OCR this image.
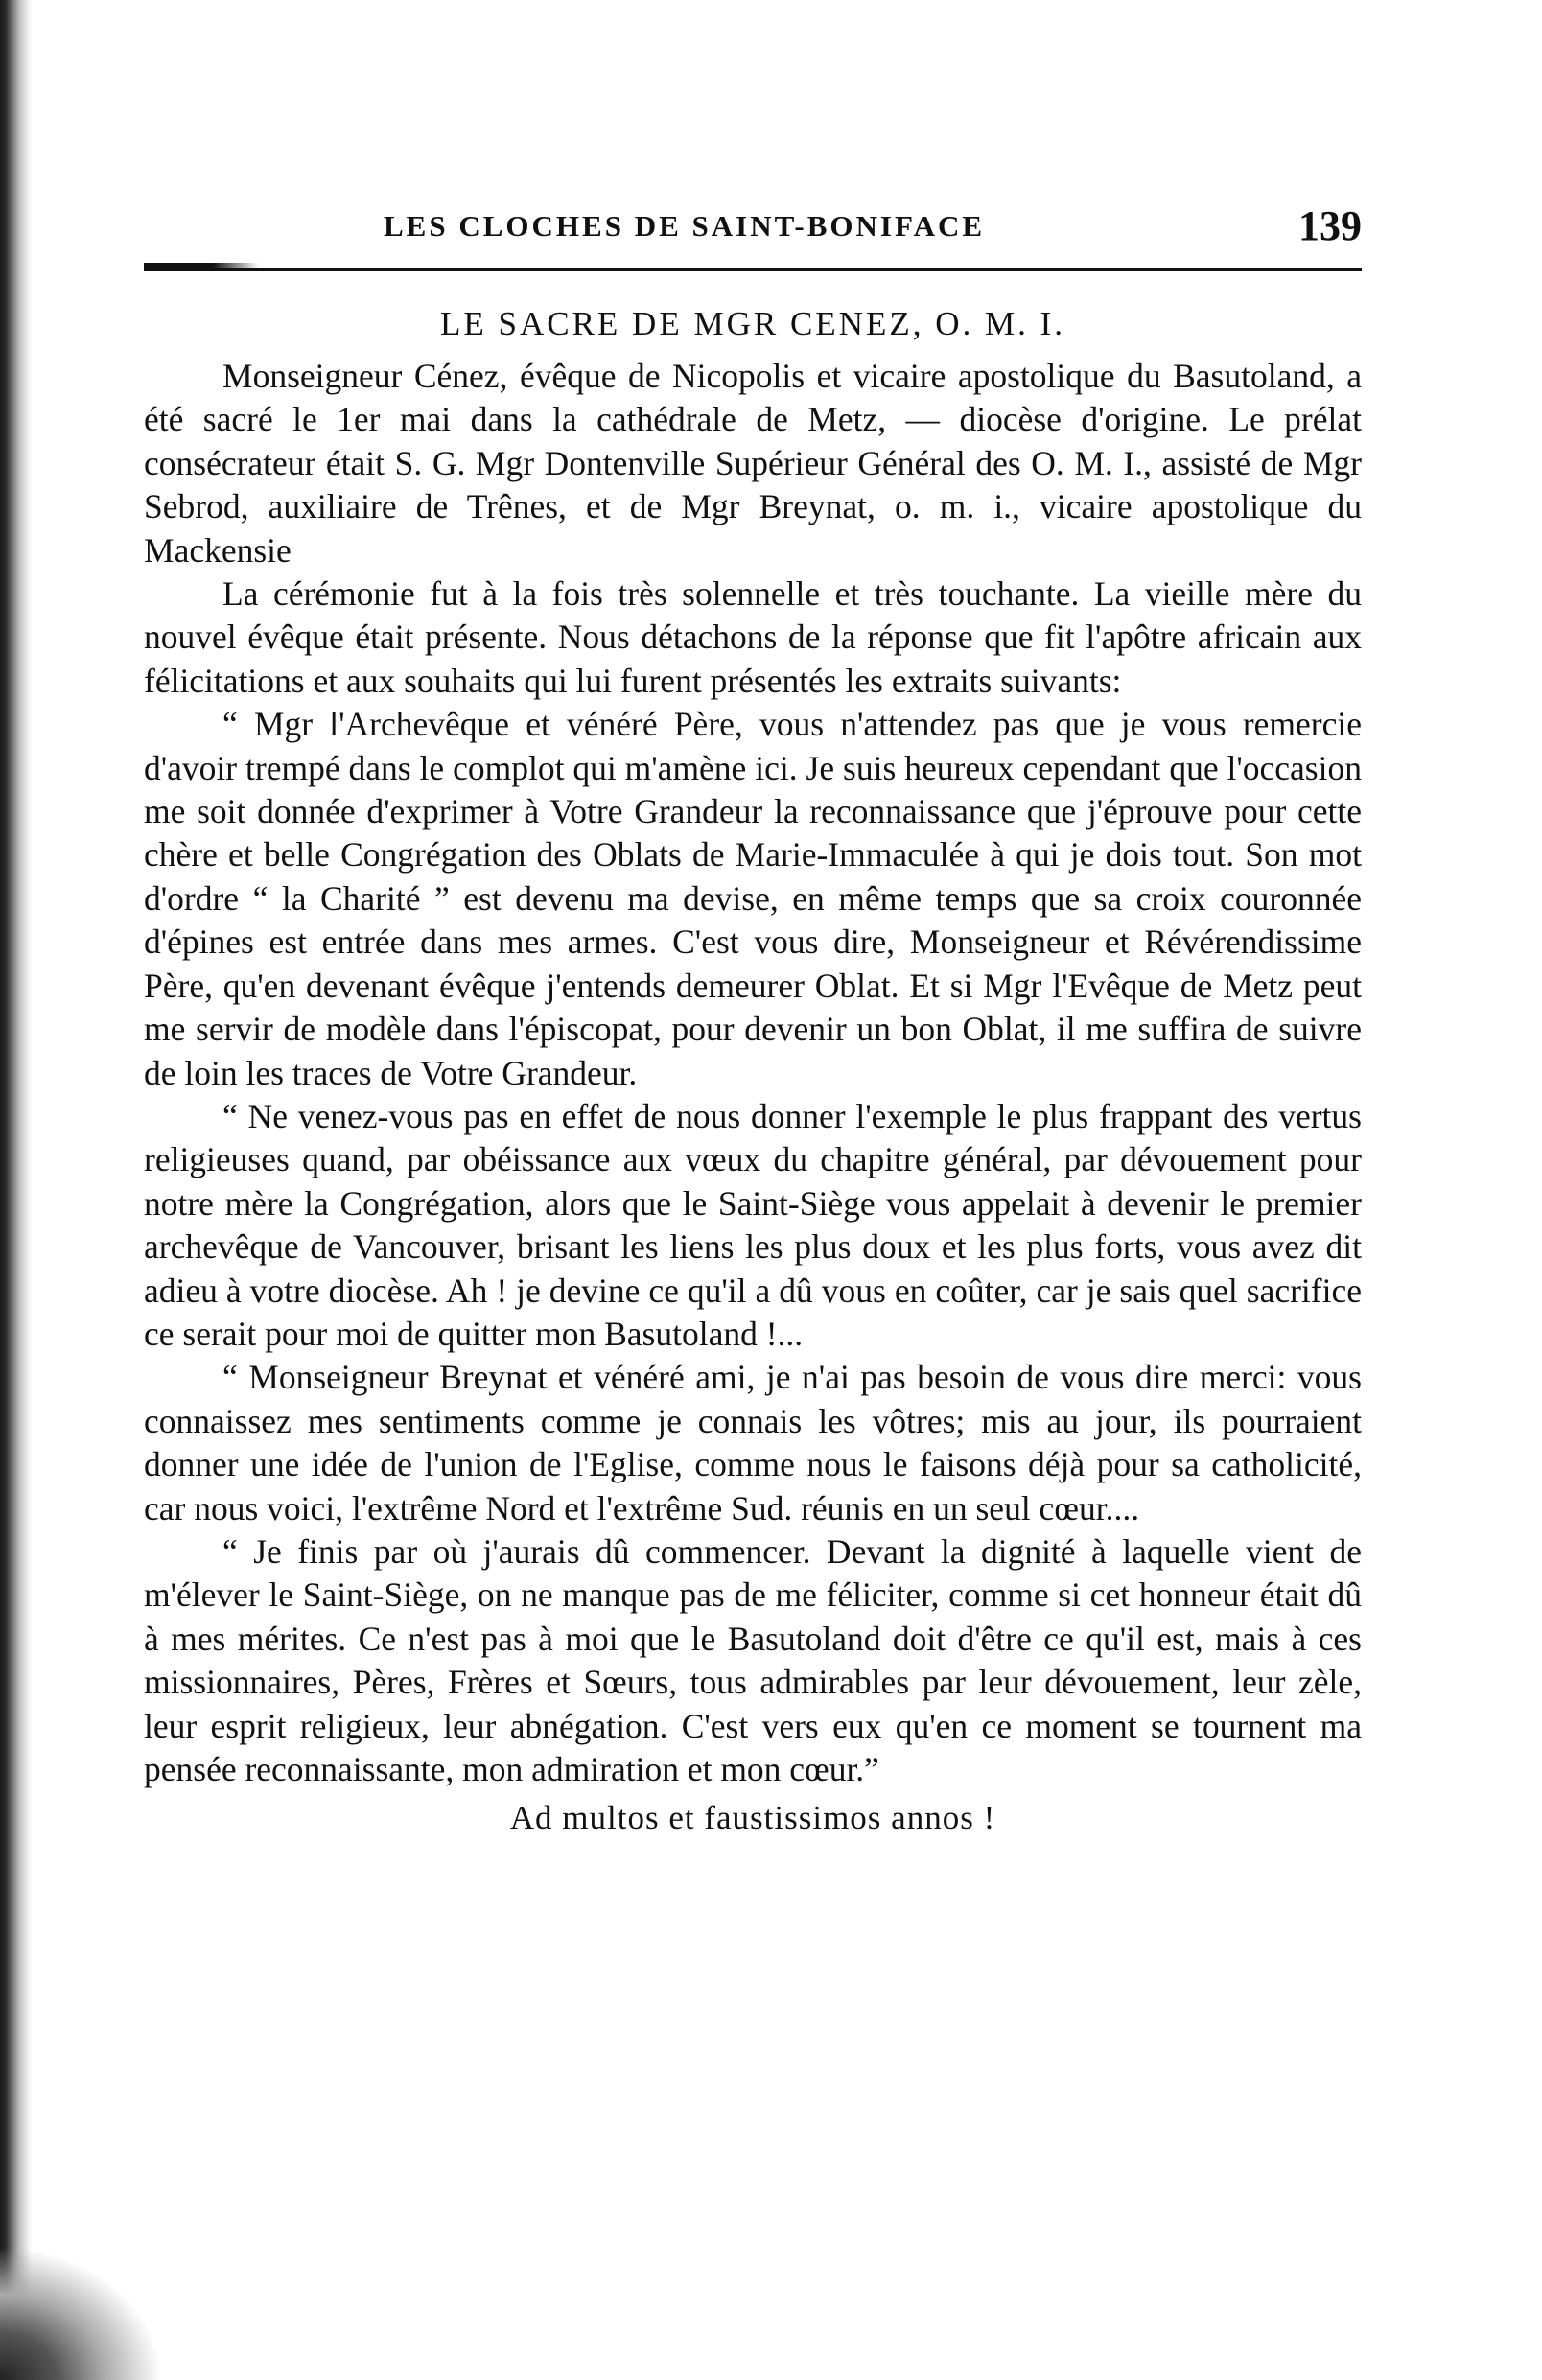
LES CLOCHES DE SAINT-BONIFACE	139
LE SACRE DE MGR CENEZ, O. M. I.

Monseigneur Cénez, évêque de Nicopolis et vicaire apostolique du Basutoland, a été sacré le 1er mai dans la cathédrale de Metz, — diocèse d'origine. Le prélat consécrateur était S. G. Mgr Dontenville Supérieur Général des O. M. I., assisté de Mgr Sebrod, auxiliaire de Trênes, et de Mgr Breynat, o. m. i., vicaire apostolique du Mackensie

La cérémonie fut à la fois très solennelle et très touchante. La vieille mère du nouvel évêque était présente. Nous détachons de la réponse que fit l'apôtre africain aux félicitations et aux souhaits qui lui furent présentés les extraits suivants:

“ Mgr l'Archevêque et vénéré Père, vous n'attendez pas que je vous remercie d'avoir trempé dans le complot qui m'amène ici. Je suis heureux cependant que l'occasion me soit donnée d'exprimer à Votre Grandeur la reconnaissance que j'éprouve pour cette chère et belle Congrégation des Oblats de Marie-Immaculée à qui je dois tout. Son mot d'ordre “ la Charité ” est devenu ma devise, en même temps que sa croix couronnée d'épines est entrée dans mes armes. C'est vous dire, Monseigneur et Révérendissime Père, qu'en devenant évêque j'entends demeurer Oblat. Et si Mgr l'Evêque de Metz peut me servir de modèle dans l'épiscopat, pour devenir un bon Oblat, il me suffira de suivre de loin les traces de Votre Grandeur.

“ Ne venez-vous pas en effet de nous donner l'exemple le plus frappant des vertus religieuses quand, par obéissance aux vœux du chapitre général, par dévouement pour notre mère la Congrégation, alors que le Saint-Siège vous appelait à devenir le premier archevêque de Vancouver, brisant les liens les plus doux et les plus forts, vous avez dit adieu à votre diocèse. Ah ! je devine ce qu'il a dû vous en coûter, car je sais quel sacrifice ce serait pour moi de quitter mon Basutoland !...

“ Monseigneur Breynat et vénéré ami, je n'ai pas besoin de vous dire merci: vous connaissez mes sentiments comme je connais les vôtres; mis au jour, ils pourraient donner une idée de l'union de l'Eglise, comme nous le faisons déjà pour sa catholicité, car nous voici, l'extrême Nord et l'extrême Sud. réunis en un seul cœur....

“ Je finis par où j'aurais dû commencer. Devant la dignité à laquelle vient de m'élever le Saint-Siège, on ne manque pas de me féliciter, comme si cet honneur était dû à mes mérites. Ce n'est pas à moi que le Basutoland doit d'être ce qu'il est, mais à ces missionnaires, Pères, Frères et Sœurs, tous admirables par leur dévouement, leur zèle, leur esprit religieux, leur abnégation. C'est vers eux qu'en ce moment se tournent ma pensée reconnaissante, mon admiration et mon cœur.”

Ad multos et faustissimos annos !
